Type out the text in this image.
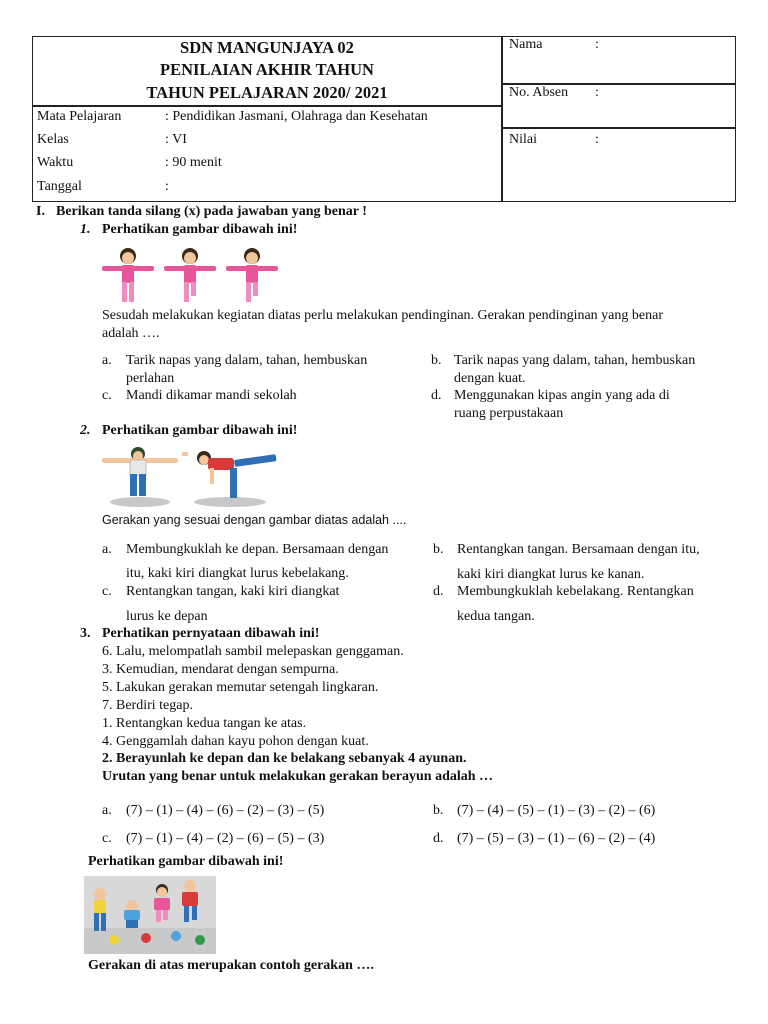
SDN MANGUNJAYA 02
PENILAIAN AKHIR TAHUN
TAHUN PELAJARAN 2020/ 2021
Mata Pelajaran	: Pendidikan Jasmani, Olahraga dan Kesehatan
Kelas	: VI
Waktu	: 90 menit
Tanggal	:
Nama	:
No. Absen :
Nilai	:
I. Berikan tanda silang (x) pada jawaban yang benar !
1. Perhatikan gambar dibawah ini!
Sesudah melakukan kegiatan diatas perlu melakukan pendinginan. Gerakan pendinginan yang benar
adalah ….
a. Tarik napas yang dalam, tahan, hembuskan
perlahan
b. Tarik napas yang dalam, tahan, hembuskan
dengan kuat.
c. Mandi dikamar mandi sekolah	d. Menggunakan kipas angin yang ada di
ruang perpustakaan
2. Perhatikan gambar dibawah ini!
Gerakan yang sesuai dengan gambar diatas adalah ....
a. Membungkuklah ke depan. Bersamaan dengan
itu, kaki kiri diangkat lurus kebelakang.
b. Rentangkan tangan. Bersamaan dengan itu,
kaki kiri diangkat lurus ke kanan.
c. Rentangkan tangan, kaki kiri diangkat
lurus ke depan
d. Membungkuklah kebelakang. Rentangkan
kedua tangan.
3. Perhatikan pernyataan dibawah ini!
6. Lalu, melompatlah sambil melepaskan genggaman.
3. Kemudian, mendarat dengan sempurna.
5. Lakukan gerakan memutar setengah lingkaran.
7. Berdiri tegap.
1. Rentangkan kedua tangan ke atas.
4. Genggamlah dahan kayu pohon dengan kuat.
2. Berayunlah ke depan dan ke belakang sebanyak 4 ayunan.
Urutan yang benar untuk melakukan gerakan berayun adalah …
a. (7) – (1) – (4) – (6) – (2) – (3) – (5)	b. (7) – (4) – (5) – (1) – (3) – (2) – (6)
c. (7) – (1) – (4) – (2) – (6) – (5) – (3)	d. (7) – (5) – (3) – (1) – (6) – (2) – (4)
Perhatikan gambar dibawah ini!
Gerakan di atas merupakan contoh gerakan ….
